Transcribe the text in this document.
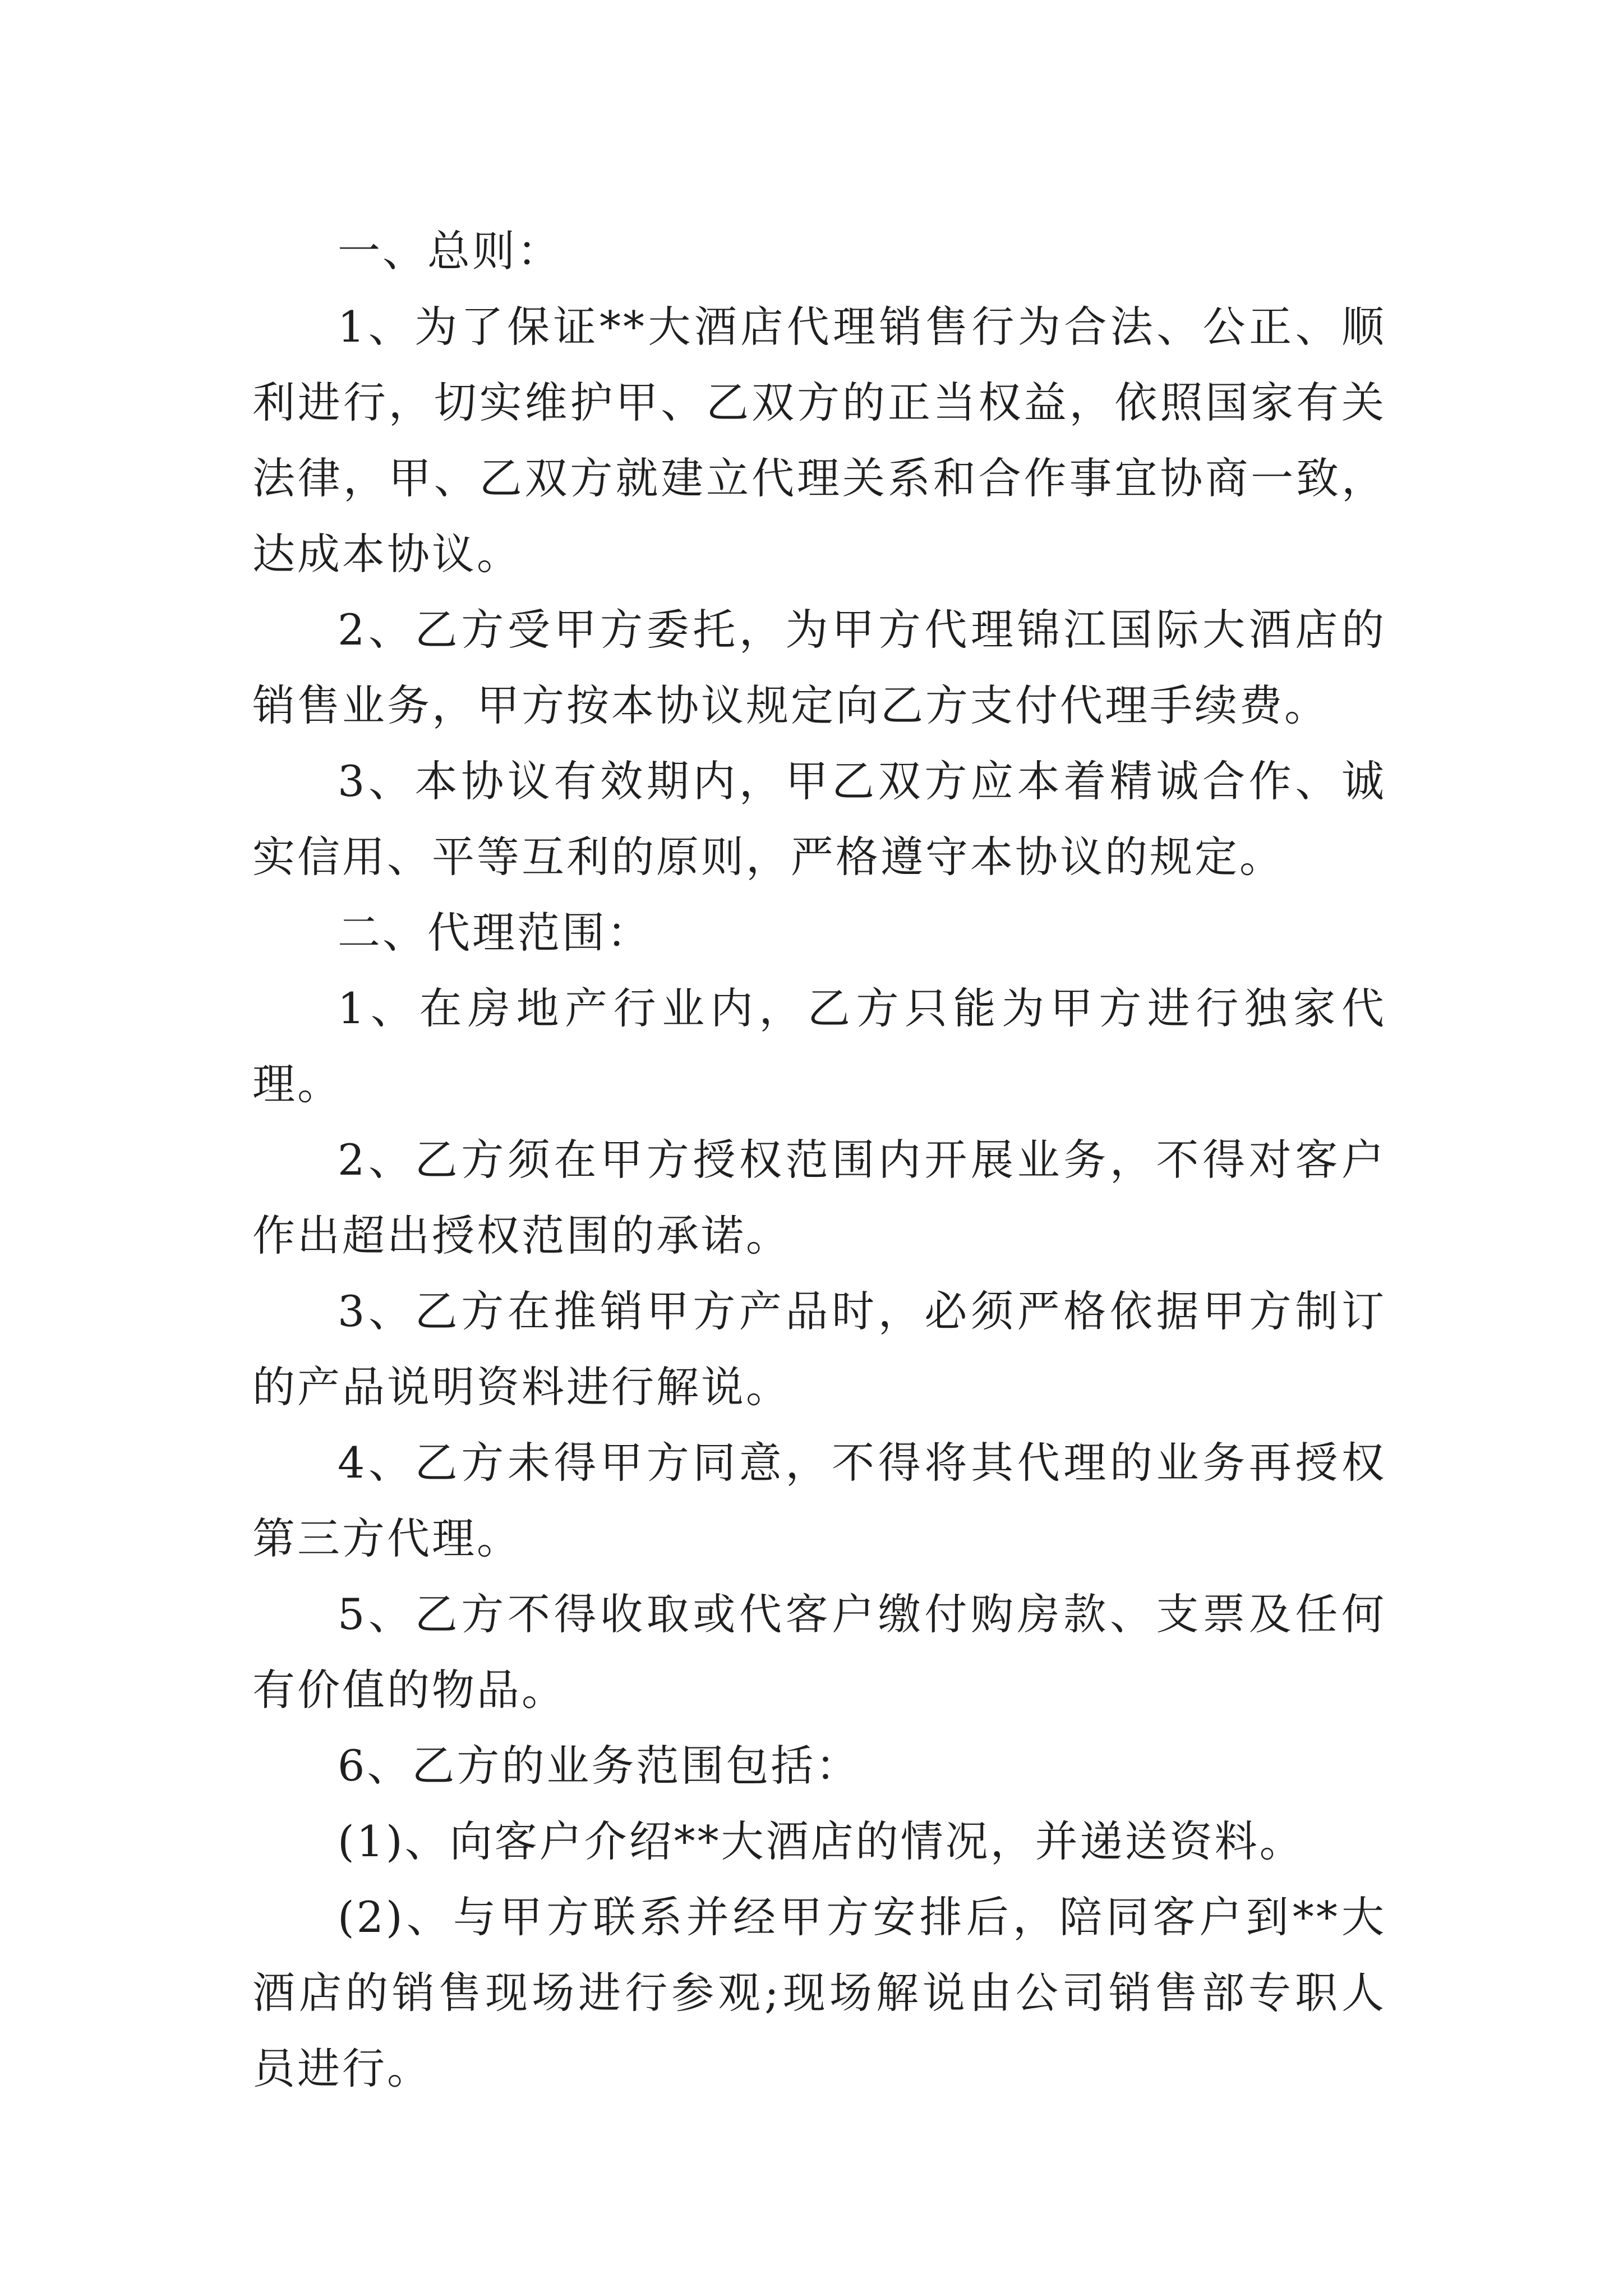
一、总则：

1、为了保证**大酒店代理销售行为合法、公正、顺利进行，切实维护甲、乙双方的正当权益，依照国家有关法律，甲、乙双方就建立代理关系和合作事宜协商一致，达成本协议。

2、乙方受甲方委托，为甲方代理锦江国际大酒店的销售业务，甲方按本协议规定向乙方支付代理手续费。

3、本协议有效期内，甲乙双方应本着精诚合作、诚实信用、平等互利的原则，严格遵守本协议的规定。

二、代理范围：

1、在房地产行业内，乙方只能为甲方进行独家代理。

2、乙方须在甲方授权范围内开展业务，不得对客户作出超出授权范围的承诺。

3、乙方在推销甲方产品时，必须严格依据甲方制订的产品说明资料进行解说。

4、乙方未得甲方同意，不得将其代理的业务再授权第三方代理。

5、乙方不得收取或代客户缴付购房款、支票及任何有价值的物品。

6、乙方的业务范围包括：

(1)、向客户介绍**大酒店的情况，并递送资料。

(2)、与甲方联系并经甲方安排后，陪同客户到**大酒店的销售现场进行参观;现场解说由公司销售部专职人员进行。
